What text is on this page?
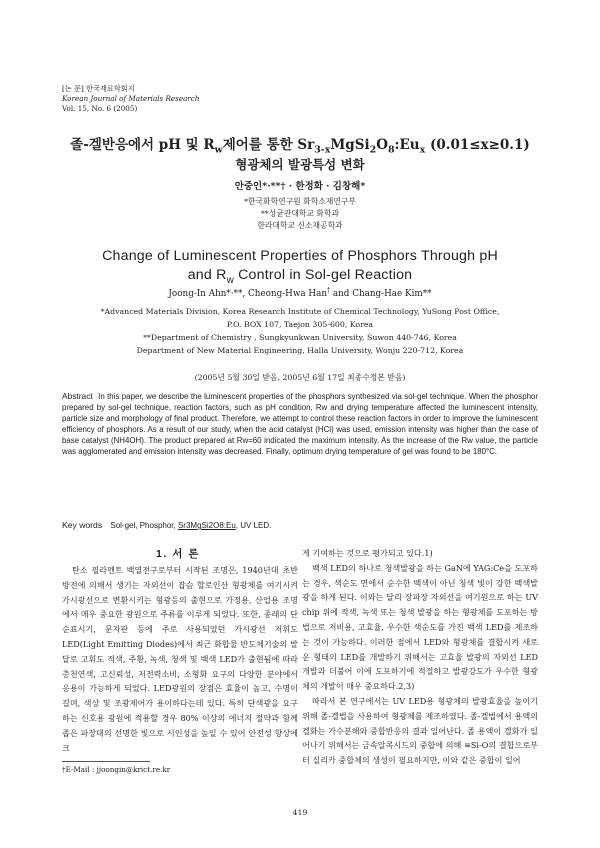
[논 문] 한국재료학회지
Korean Journal of Materials Research
Vol. 15, No. 6 (2005)
졸-겔반응에서 pH 및 $R_w$제어를 통한 $Sr_{3-x}MgSi_2O_8:Eu_x$ (0.01≤x≥0.1)
형광체의 발광특성 변화
안중인*·**† · 한정화 · 김창해*
*한국화학연구원 화학소재연구부
**성균관대학교 화학과
한라대학교 신소재공학과
Change of Luminescent Properties of Phosphors Through pH
and $R_w$ Control in Sol-gel Reaction
Joong-In Ahn*·**, Cheong-Hwa Han† and Chang-Hae Kim**
*Advanced Materials Division, Korea Research Institute of Chemical Technology, YuSong Post Office,
P.O. BOX 107, Taejon 305-600, Korea
**Department of Chemistry , Sungkyunkwan University, Suwon 440-746, Korea
Department of New Material Engineering, Halla University, Wonju 220-712, Korea
(2005년 5월 30일 받음, 2005년 6월 17일 최종수정본 받음)
Abstract In this paper, we describe the luminescent properties of the phosphors synthesized via sol-gel technique. When the phosphor prepared by sol-gel technique, reaction factors, such as pH condition, Rw and drying temperature affected the luminescent intensity, particle size and morphology of final product. Therefore, we attempt to control these reaction factors in order to improve the luminescent efficiency of phosphors. As a result of our study, when the acid catalyst (HCl) was used, emission intensity was higher than the case of base catalyst (NH4OH). The product prepared at Rw=60 indicated the maximum intensity. As the increase of the Rw value, the particle was agglomerated and emission intensity was decreased. Finally, optimum drying temperature of gel was found to be 180°C.
Key words Sol-gel, Phosphor, Sr3MgSi2O8:Eu, UV LED.
1. 서 론

탄소 필라멘트 백열전구로부터 시작된 조명은, 1940년대 초반 방전에 의해서 생기는 자외선이 잡슴 할로인산 형광체를 여기시켜 가시광선으로 변환시키는 형광등의 출현으로 가정용, 산업용 조명에서 매우 중요한 광원으로 주류를 이루게 되었다. 또한, 종래의 단순표시기, 문자판 등에 주로 사용되었던 가시광선 저휘도 LED(Light Emitting Diodes)에서 최근 화합물 반도체기술의 발달로 고휘도 적색, 주황, 녹색, 청색 및 백색 LED가 출현됨에 따라 총천연색, 고신뢰성, 저전력소비, 소형화 요구의 다양한 분야에서 응용이 가능하게 되었다. LED광원의 장점은 효율이 높고, 수명이 길며, 색상 및 조광제어가 용이하다는데 있다. 특히 단색광을 요구하는 신호용 광원에 적용할 경우 80% 이상의 에너지 절약과 함께 좁은 파장대의 선명한 빛으로 시인성을 높일 수 있어 안전성 향상에 크

게 기여하는 것으로 평가되고 있다.1)

백색 LED의 하나로 청색발광을 하는 GaN에 YAG:Ce을 도포하는 경우, 색순도 면에서 순수한 백색이 아닌 청색 빛이 강한 백색발광을 하게 된다. 이와는 달리 장파장 자외선을 여기원으로 하는 UV chip 위에 적색, 녹색 또는 청색 발광을 하는 형광체를 도포하는 방법으로 저비용, 고효율, 우수한 색순도를 가진 백색 LED를 제조하는 것이 가능하다. 이러한 점에서 LED와 형광체를 결합시켜 새로운 형태의 LED를 개발하기 위해서는 고효율 발광의 자외선 LED 개발과 더불어 이에 도포하기에 적절하고 발광강도가 우수한 형광체의 개발이 매우 중요하다.2,3)

따라서 본 연구에서는 UV LED용 형광체의 발광효율을 높이기 위해 졸-겔법을 사용하여 형광체를 제조하였다. 졸-겔법에서 용액의 겔화는 가수분해와 중합반응의 결과 일어난다. 졸 용액이 겔화가 일어나기 위해서는 금속알콕시드의 중합에 의해 ≡Si-O의 결합으로부터 실리카 중합체의 생성이 필요하지만, 이와 같은 중합이 일어

†E-Mail : jjoongin@krict.re.kr
419
